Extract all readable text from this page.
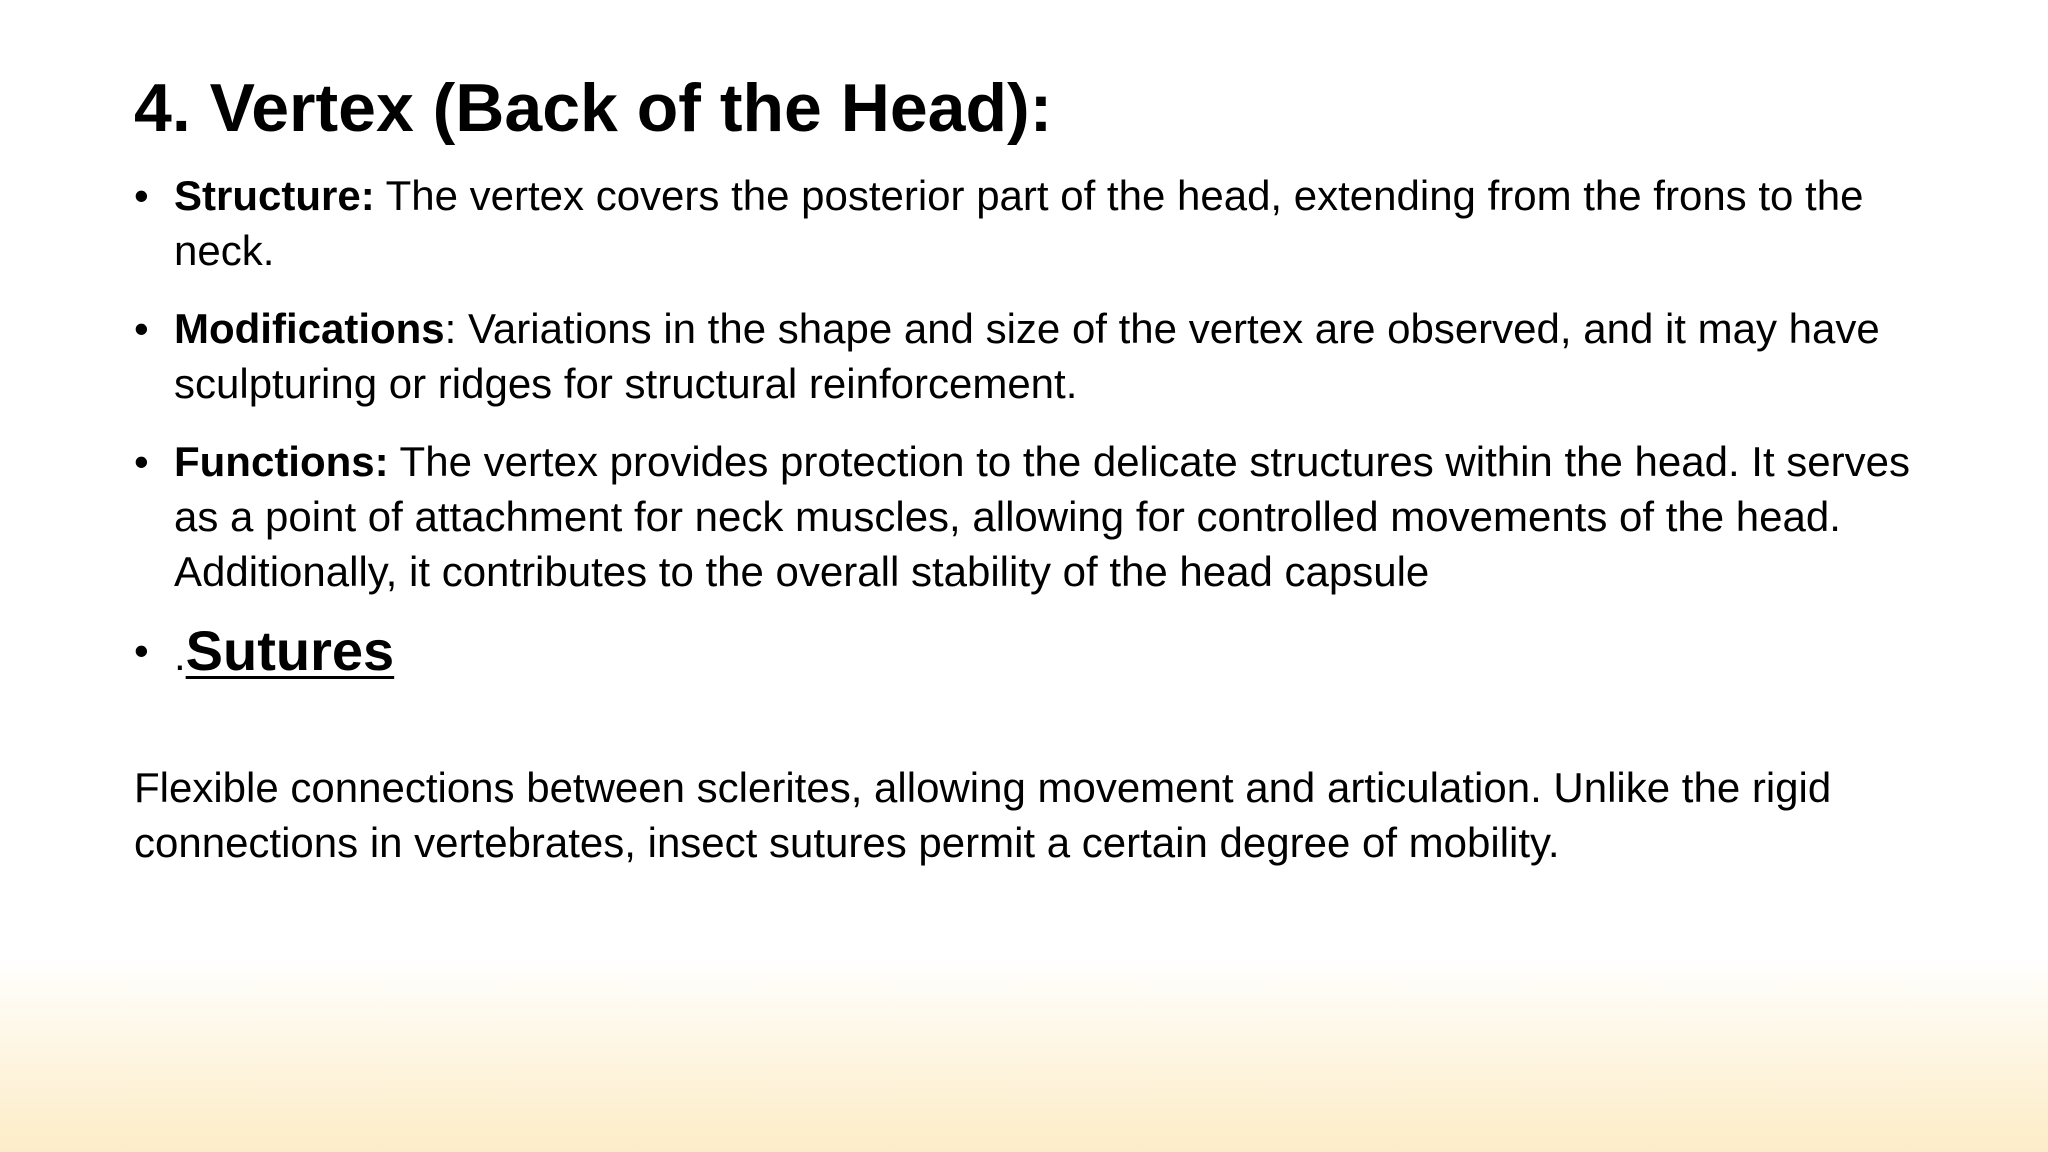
4. Vertex (Back of the Head):
• Structure: The vertex covers the posterior part of the head, extending from the frons to the neck.
• Modifications: Variations in the shape and size of the vertex are observed, and it may have sculpturing or ridges for structural reinforcement.
• Functions: The vertex provides protection to the delicate structures within the head. It serves as a point of attachment for neck muscles, allowing for controlled movements of the head. Additionally, it contributes to the overall stability of the head capsule
• .Sutures

Flexible connections between sclerites, allowing movement and articulation. Unlike the rigid connections in vertebrates, insect sutures permit a certain degree of mobility.
